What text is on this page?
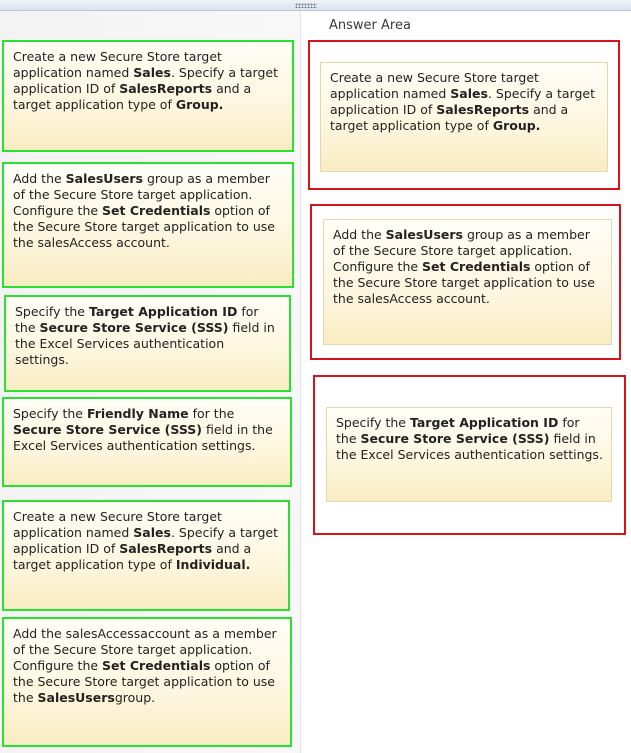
Answer Area
Create a new Secure Store target application named Sales. Specify a target application ID of SalesReports and a target application type of Group.
Add the SalesUsers group as a member of the Secure Store target application. Configure the Set Credentials option of the Secure Store target application to use the salesAccess account.
Specify the Target Application ID for the Secure Store Service (SSS) field in the Excel Services authentication settings.
Specify the Friendly Name for the Secure Store Service (SSS) field in the Excel Services authentication settings.
Create a new Secure Store target application named Sales. Specify a target application ID of SalesReports and a target application type of Individual.
Add the salesAccessaccount as a member of the Secure Store target application. Configure the Set Credentials option of the Secure Store target application to use the SalesUsersgroup.
Create a new Secure Store target application named Sales. Specify a target application ID of SalesReports and a target application type of Group.
Add the SalesUsers group as a member of the Secure Store target application. Configure the Set Credentials option of the Secure Store target application to use the salesAccess account.
Specify the Target Application ID for the Secure Store Service (SSS) field in the Excel Services authentication settings.
